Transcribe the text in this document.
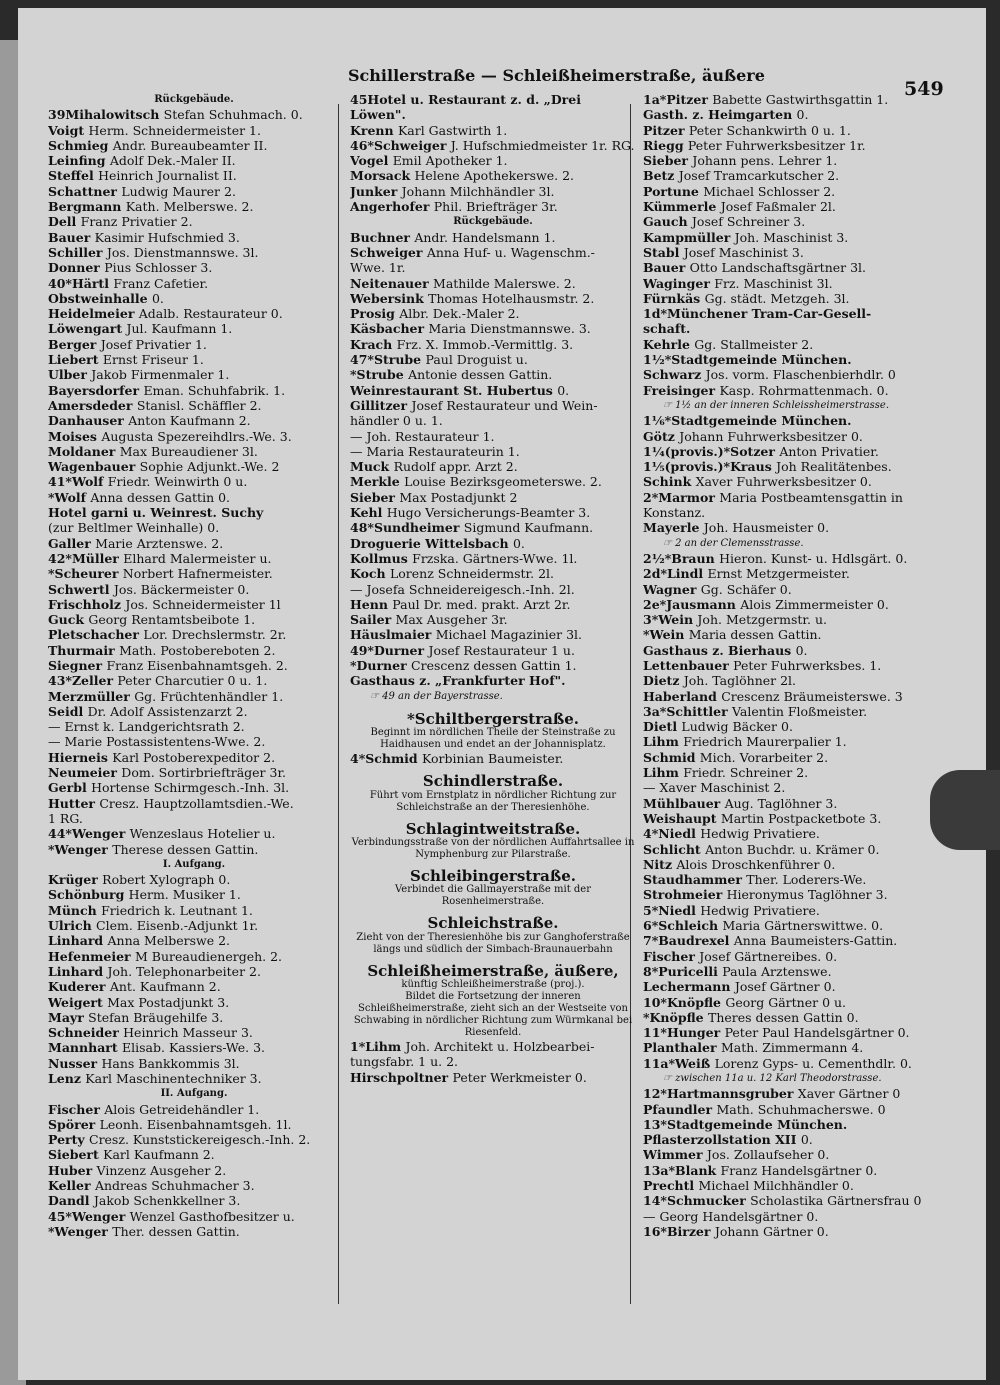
Schillerstraße — Schleißheimerstraße, äußere
549
Rückgebäude.
39Mihalowitsch Stefan Schuhmach. 0.
Voigt Herm. Schneidermeister 1.
Schmieg Andr. Bureaubeamter II.
Leinfing Adolf Dek.-Maler II.
Steffel Heinrich Journalist II.
Schattner Ludwig Maurer 2.
Bergmann Kath. Melberswe. 2.
Dell Franz Privatier 2.
Bauer Kasimir Hufschmied 3.
Schiller Jos. Dienstmannswe. 3l.
Donner Pius Schlosser 3.
40*Härtl Franz Cafetier.
Obstweinhalle 0.
Heidelmeier Adalb. Restaurateur 0.
Löwengart Jul. Kaufmann 1.
Berger Josef Privatier 1.
Liebert Ernst Friseur 1.
Ulber Jakob Firmenmaler 1.
Bayersdorfer Eman. Schuhfabrik. 1.
Amersdeder Stanisl. Schäffler 2.
Danhauser Anton Kaufmann 2.
Moises Augusta Spezereihdlrs.-We. 3.
Moldaner Max Bureaudiener 3l.
Wagenbauer Sophie Adjunkt.-We. 2
41*Wolf Friedr. Weinwirth 0 u.
*Wolf Anna dessen Gattin 0.
Hotel garni u. Weinrest. Suchy
(zur Beltlmer Weinhalle) 0.
Galler Marie Arztenswe. 2.
42*Müller Elhard Malermeister u.
*Scheurer Norbert Hafnermeister.
Schwertl Jos. Bäckermeister 0.
Frischholz Jos. Schneidermeister 1l
Guck Georg Rentamtsbeibote 1.
Pletschacher Lor. Drechslermstr. 2r.
Thurmair Math. Postobereboten 2.
Siegner Franz Eisenbahnamtsgeh. 2.
43*Zeller Peter Charcutier 0 u. 1.
Merzmüller Gg. Früchtenhändler 1.
Seidl Dr. Adolf Assistenzarzt 2.
— Ernst k. Landgerichtsrath 2.
— Marie Postassistentens-Wwe. 2.
Hierneis Karl Postoberexpeditor 2.
Neumeier Dom. Sortirbriefträger 3r.
Gerbl Hortense Schirmgesch.-Inh. 3l.
Hutter Cresz. Hauptzollamtsdien.-We.
1 RG.
44*Wenger Wenzeslaus Hotelier u.
*Wenger Therese dessen Gattin.
I. Aufgang.
Krüger Robert Xylograph 0.
Schönburg Herm. Musiker 1.
Münch Friedrich k. Leutnant 1.
Ulrich Clem. Eisenb.-Adjunkt 1r.
Linhard Anna Melberswe 2.
Hefenmeier M Bureaudienergeh. 2.
Linhard Joh. Telephonarbeiter 2.
Kuderer Ant. Kaufmann 2.
Weigert Max Postadjunkt 3.
Mayr Stefan Bräugehilfe 3.
Schneider Heinrich Masseur 3.
Mannhart Elisab. Kassiers-We. 3.
Nusser Hans Bankkommis 3l.
Lenz Karl Maschinentechniker 3.
II. Aufgang.
Fischer Alois Getreidehändler 1.
Spörer Leonh. Eisenbahnamtsgeh. 1l.
Perty Cresz. Kunststickereigesch.-Inh. 2.
Siebert Karl Kaufmann 2.
Huber Vinzenz Ausgeher 2.
Keller Andreas Schuhmacher 3.
Dandl Jakob Schenkkellner 3.
45*Wenger Wenzel Gasthofbesitzer u.
*Wenger Ther. dessen Gattin.
45Hotel u. Restaurant z. d. „Drei
Löwen".
Krenn Karl Gastwirth 1.
46*Schweiger J. Hufschmiedmeister 1r. RG.
Vogel Emil Apotheker 1.
Morsack Helene Apothekerswe. 2.
Junker Johann Milchhändler 3l.
Angerhofer Phil. Briefträger 3r.
Rückgebäude.
Buchner Andr. Handelsmann 1.
Schweiger Anna Huf- u. Wagenschm.-
Wwe. 1r.
Neitenauer Mathilde Malerswe. 2.
Webersink Thomas Hotelhausmstr. 2.
Prosig Albr. Dek.-Maler 2.
Käsbacher Maria Dienstmannswe. 3.
Krach Frz. X. Immob.-Vermittlg. 3.
47*Strube Paul Droguist u.
*Strube Antonie dessen Gattin.
Weinrestaurant St. Hubertus 0.
Gillitzer Josef Restaurateur und Wein-
händler 0 u. 1.
— Joh. Restaurateur 1.
— Maria Restaurateurin 1.
Muck Rudolf appr. Arzt 2.
Merkle Louise Bezirksgeometerswe. 2.
Sieber Max Postadjunkt 2
Kehl Hugo Versicherungs-Beamter 3.
48*Sundheimer Sigmund Kaufmann.
Droguerie Wittelsbach 0.
Kollmus Frzska. Gärtners-Wwe. 1l.
Koch Lorenz Schneidermstr. 2l.
— Josefa Schneidereigesch.-Inh. 2l.
Henn Paul Dr. med. prakt. Arzt 2r.
Sailer Max Ausgeher 3r.
Häuslmaier Michael Magazinier 3l.
49*Durner Josef Restaurateur 1 u.
*Durner Crescenz dessen Gattin 1.
Gasthaus z. „Frankfurter Hof".
☞ 49 an der Bayerstrasse.
*Schiltbergerstraße.
Beginnt im nördlichen Theile der Steinstraße zu Haidhausen und endet an der Johannisplatz.
4*Schmid Korbinian Baumeister.
Schindlerstraße.
Führt vom Ernstplatz in nördlicher Richtung zur Schleichstraße an der Theresienhöhe.
Schlagintweitstraße.
Verbindungsstraße von der nördlichen Auffahrtsallee in Nymphenburg zur Pilarstraße.
Schleibingerstraße.
Verbindet die Gallmayerstraße mit der Rosenheimerstraße.
Schleichstraße.
Zieht von der Theresienhöhe bis zur Ganghoferstraße längs und südlich der Simbach-Braunauerbahn
Schleißheimerstraße, äußere,
künftig Schleißheimerstraße (proj.).
Bildet die Fortsetzung der inneren Schleißheimerstraße, zieht sich an der Westseite von Schwabing in nördlicher Richtung zum Würmkanal bei Riesenfeld.
1*Lihm Joh. Architekt u. Holzbearbei-
tungsfabr. 1 u. 2.
Hirschpoltner Peter Werkmeister 0.
1a*Pitzer Babette Gastwirthsgattin 1.
Gasth. z. Heimgarten 0.
Pitzer Peter Schankwirth 0 u. 1.
Riegg Peter Fuhrwerksbesitzer 1r.
Sieber Johann pens. Lehrer 1.
Betz Josef Tramcarkutscher 2.
Portune Michael Schlosser 2.
Kümmerle Josef Faßmaler 2l.
Gauch Josef Schreiner 3.
Kampmüller Joh. Maschinist 3.
Stabl Josef Maschinist 3.
Bauer Otto Landschaftsgärtner 3l.
Waginger Frz. Maschinist 3l.
Fürnkäs Gg. städt. Metzgeh. 3l.
1d*Münchener Tram-Car-Gesell-
schaft.
Kehrle Gg. Stallmeister 2.
1½*Stadtgemeinde München.
Schwarz Jos. vorm. Flaschenbierhdlr. 0
Freisinger Kasp. Rohrmattenmach. 0.
☞ 1½ an der inneren Schleissheimerstrasse.
1⅙*Stadtgemeinde München.
Götz Johann Fuhrwerksbesitzer 0.
1¼(provis.)*Sotzer Anton Privatier.
1⅕(provis.)*Kraus Joh Realitätenbes.
Schink Xaver Fuhrwerksbesitzer 0.
2*Marmor Maria Postbeamtensgattin in
Konstanz.
Mayerle Joh. Hausmeister 0.
☞ 2 an der Clemensstrasse.
2½*Braun Hieron. Kunst- u. Hdlsgärt. 0.
2d*Lindl Ernst Metzgermeister.
Wagner Gg. Schäfer 0.
2e*Jausmann Alois Zimmermeister 0.
3*Wein Joh. Metzgermstr. u.
*Wein Maria dessen Gattin.
Gasthaus z. Bierhaus 0.
Lettenbauer Peter Fuhrwerksbes. 1.
Dietz Joh. Taglöhner 2l.
Haberland Crescenz Bräumeisterswe. 3
3a*Schittler Valentin Floßmeister.
Dietl Ludwig Bäcker 0.
Lihm Friedrich Maurerpalier 1.
Schmid Mich. Vorarbeiter 2.
Lihm Friedr. Schreiner 2.
— Xaver Maschinist 2.
Mühlbauer Aug. Taglöhner 3.
Weishaupt Martin Postpacketbote 3.
4*Niedl Hedwig Privatiere.
Schlicht Anton Buchdr. u. Krämer 0.
Nitz Alois Droschkenführer 0.
Staudhammer Ther. Loderers-We.
Strohmeier Hieronymus Taglöhner 3.
5*Niedl Hedwig Privatiere.
6*Schleich Maria Gärtnerswittwe. 0.
7*Baudrexel Anna Baumeisters-Gattin.
Fischer Josef Gärtnereibes. 0.
8*Puricelli Paula Arztenswe.
Lechermann Josef Gärtner 0.
10*Knöpfle Georg Gärtner 0 u.
*Knöpfle Theres dessen Gattin 0.
11*Hunger Peter Paul Handelsgärtner 0.
Planthaler Math. Zimmermann 4.
11a*Weiß Lorenz Gyps- u. Cementhdlr. 0.
☞ zwischen 11a u. 12 Karl Theodorstrasse.
12*Hartmannsgruber Xaver Gärtner 0
Pfaundler Math. Schuhmacherswe. 0
13*Stadtgemeinde München.
Pflasterzollstation XII 0.
Wimmer Jos. Zollaufseher 0.
13a*Blank Franz Handelsgärtner 0.
Prechtl Michael Milchhändler 0.
14*Schmucker Scholastika Gärtnersfrau 0
— Georg Handelsgärtner 0.
16*Birzer Johann Gärtner 0.
